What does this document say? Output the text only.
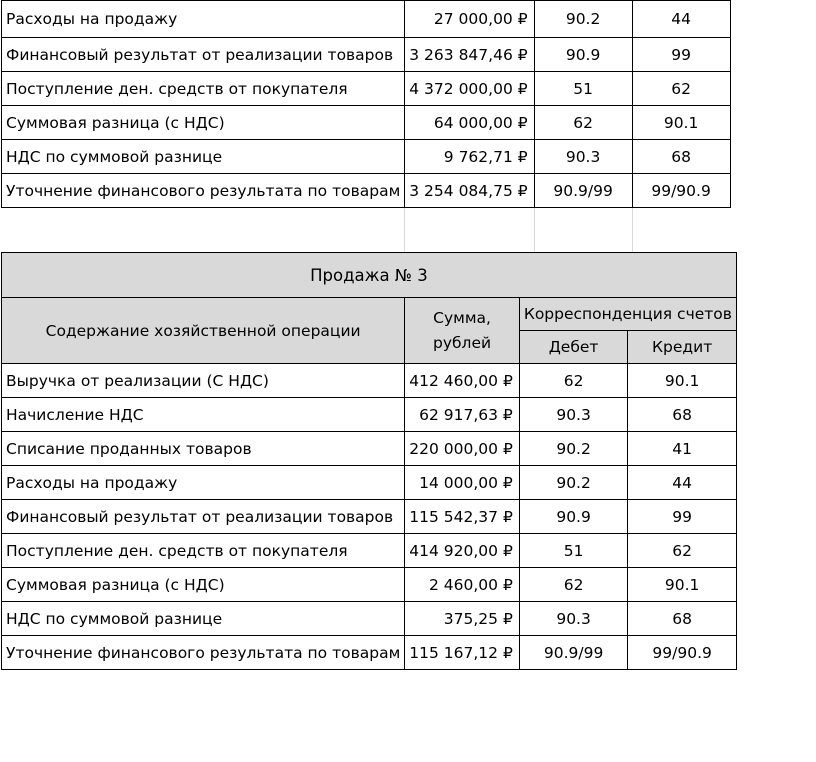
Расходы на продажу	27 000,00 ₽	90.2	44
Финансовый результат от реализации товаров	3 263 847,46 ₽	90.9	99
Поступление ден. средств от покупателя	4 372 000,00 ₽	51	62
Суммовая разница (с НДС)	64 000,00 ₽	62	90.1
НДС по суммовой разнице	9 762,71 ₽	90.3	68
Уточнение финансового результата по товарам	3 254 084,75 ₽	90.9/99	99/90.9

Продажа № 3			
Содержание хозяйственной операции	Сумма, рублей	Корреспонденция счетов	
		Дебет	Кредит
Выручка от реализации (С НДС)	412 460,00 ₽	62	90.1
Начисление НДС	62 917,63 ₽	90.3	68
Списание проданных товаров	220 000,00 ₽	90.2	41
Расходы на продажу	14 000,00 ₽	90.2	44
Финансовый результат от реализации товаров	115 542,37 ₽	90.9	99
Поступление ден. средств от покупателя	414 920,00 ₽	51	62
Суммовая разница (с НДС)	2 460,00 ₽	62	90.1
НДС по суммовой разнице	375,25 ₽	90.3	68
Уточнение финансового результата по товарам	115 167,12 ₽	90.9/99	99/90.9
